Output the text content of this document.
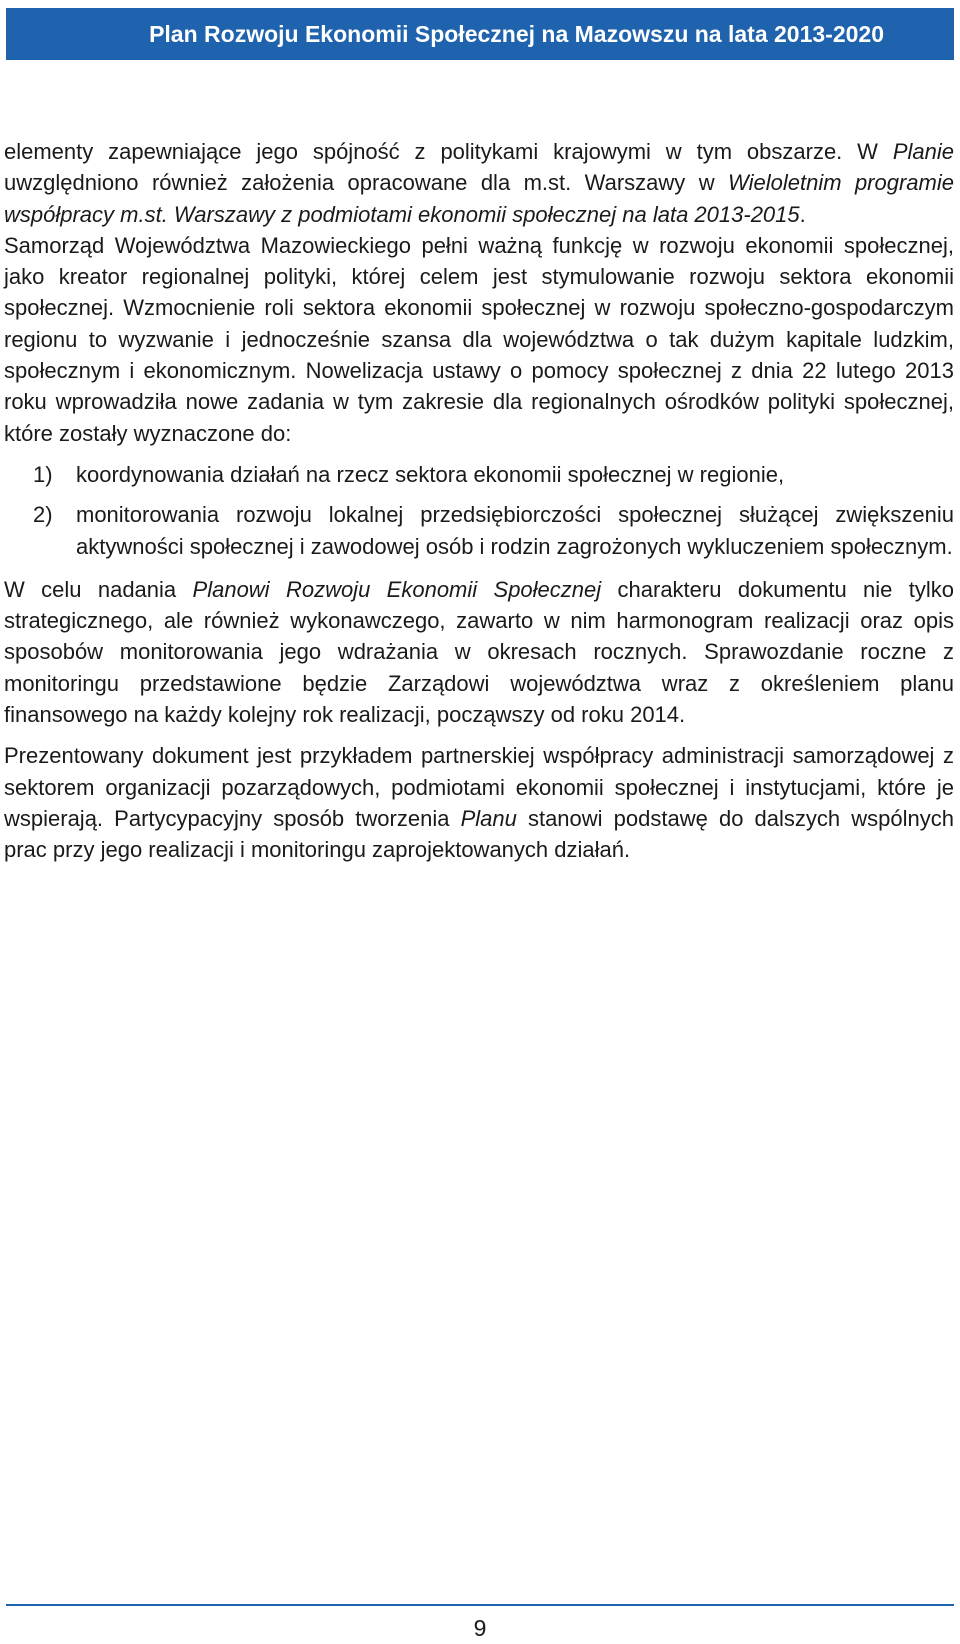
Plan Rozwoju Ekonomii Społecznej na Mazowszu na lata 2013-2020

elementy zapewniające jego spójność z politykami krajowymi w tym obszarze. W Planie uwzględniono również założenia opracowane dla m.st. Warszawy w Wieloletnim programie współpracy m.st. Warszawy z podmiotami ekonomii społecznej na lata 2013-2015.

Samorząd Województwa Mazowieckiego pełni ważną funkcję w rozwoju ekonomii społecznej, jako kreator regionalnej polityki, której celem jest stymulowanie rozwoju sektora ekonomii społecznej. Wzmocnienie roli sektora ekonomii społecznej w rozwoju społeczno-gospodarczym regionu to wyzwanie i jednocześnie szansa dla województwa o tak dużym kapitale ludzkim, społecznym i ekonomicznym. Nowelizacja ustawy o pomocy społecznej z dnia 22 lutego 2013 roku wprowadziła nowe zadania w tym zakresie dla regionalnych ośrodków polityki społecznej, które zostały wyznaczone do:

1) koordynowania działań na rzecz sektora ekonomii społecznej w regionie,
2) monitorowania rozwoju lokalnej przedsiębiorczości społecznej służącej zwiększeniu aktywności społecznej i zawodowej osób i rodzin zagrożonych wykluczeniem społecznym.

W celu nadania Planowi Rozwoju Ekonomii Społecznej charakteru dokumentu nie tylko strategicznego, ale również wykonawczego, zawarto w nim harmonogram realizacji oraz opis sposobów monitorowania jego wdrażania w okresach rocznych. Sprawozdanie roczne z monitoringu przedstawione będzie Zarządowi województwa wraz z określeniem planu finansowego na każdy kolejny rok realizacji, począwszy od roku 2014.

Prezentowany dokument jest przykładem partnerskiej współpracy administracji samorządowej z sektorem organizacji pozarządowych, podmiotami ekonomii społecznej i instytucjami, które je wspierają. Partycypacyjny sposób tworzenia Planu stanowi podstawę do dalszych wspólnych prac przy jego realizacji i monitoringu zaprojektowanych działań.

9
